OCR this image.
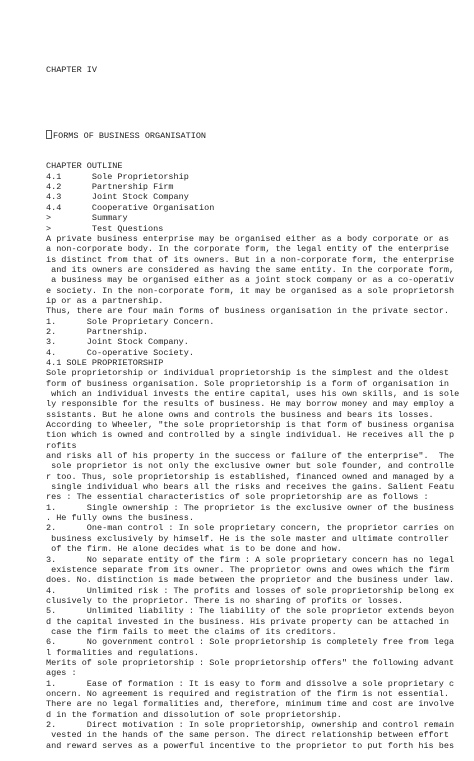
CHAPTER IV

FORMS OF BUSINESS ORGANISATION

CHAPTER OUTLINE
4.1      Sole Proprietorship
4.2      Partnership Firm
4.3      Joint Stock Company
4.4      Cooperative Organisation
>        Summary
>        Test Questions
A private business enterprise may be organised either as a body corporate or as
a non-corporate body. In the corporate form, the legal entity of the enterprise
is distinct from that of its owners. But in a non-corporate form, the enterprise
and its owners are considered as having the same entity. In the corporate form,
a business may be organised either as a joint stock company or as a co-operativ
e society. In the non-corporate form, it may be organised as a sole proprietorsh
ip or as a partnership.
Thus, there are four main forms of business organisation in the private sector.
1.      Sole Proprietary Concern.
2.      Partnership.
3.      Joint Stock Company.
4.      Co-operative Society.
4.1 SOLE PROPRIETORSHIP
Sole proprietorship or individual proprietorship is the simplest and the oldest
form of business organisation. Sole proprietorship is a form of organisation in
which an individual invests the entire capital, uses his own skills, and is sole
ly responsible for the results of business. He may borrow money and may employ a
ssistants. But he alone owns and controls the business and bears its losses.
According to Wheeler, "the sole proprietorship is that form of business organisa
tion which is owned and controlled by a single individual. He receives all the p
rofits
and risks all of his property in the success or failure of the enterprise".  The
sole proprietor is not only the exclusive owner but sole founder, and controlle
r too. Thus, sole proprietorship is established, financed owned and managed by a
single individual who bears all the risks and receives the gains. Salient Featu
res : The essential characteristics of sole proprietorship are as follows :
1.      Single ownership : The proprietor is the exclusive owner of the business
. He fully owns the business.
2.      One-man control : In sole proprietary concern, the proprietor carries on
business exclusively by himself. He is the sole master and ultimate controller
of the firm. He alone decides what is to be done and how.
3.      No separate entity of the firm : A sole proprietary concern has no legal
existence separate from its owner. The proprietor owns and owes which the firm
does. No. distinction is made between the proprietor and the business under law.
4.      Unlimited risk : The profits and losses of sole proprietorship belong ex
clusively to the proprietor. There is no sharing of profits or losses.
5.      Unlimited liability : The liability of the sole proprietor extends beyon
d the capital invested in the business. His private property can be attached in
case the firm fails to meet the claims of its creditors.
6.      No government control : Sole proprietorship is completely free from lega
l formalities and regulations.
Merits of sole proprietorship : Sole proprietorship offers" the following advant
ages :
1.      Ease of formation : It is easy to form and dissolve a sole proprietary c
oncern. No agreement is required and registration of the firm is not essential.
There are no legal formalities and, therefore, minimum time and cost are involve
d in the formation and dissolution of sole proprietorship.
2.      Direct motivation : In sole proprietorship, ownership and control remain
vested in the hands of the same person. The direct relationship between effort
and reward serves as a powerful incentive to the proprietor to put forth his bes
